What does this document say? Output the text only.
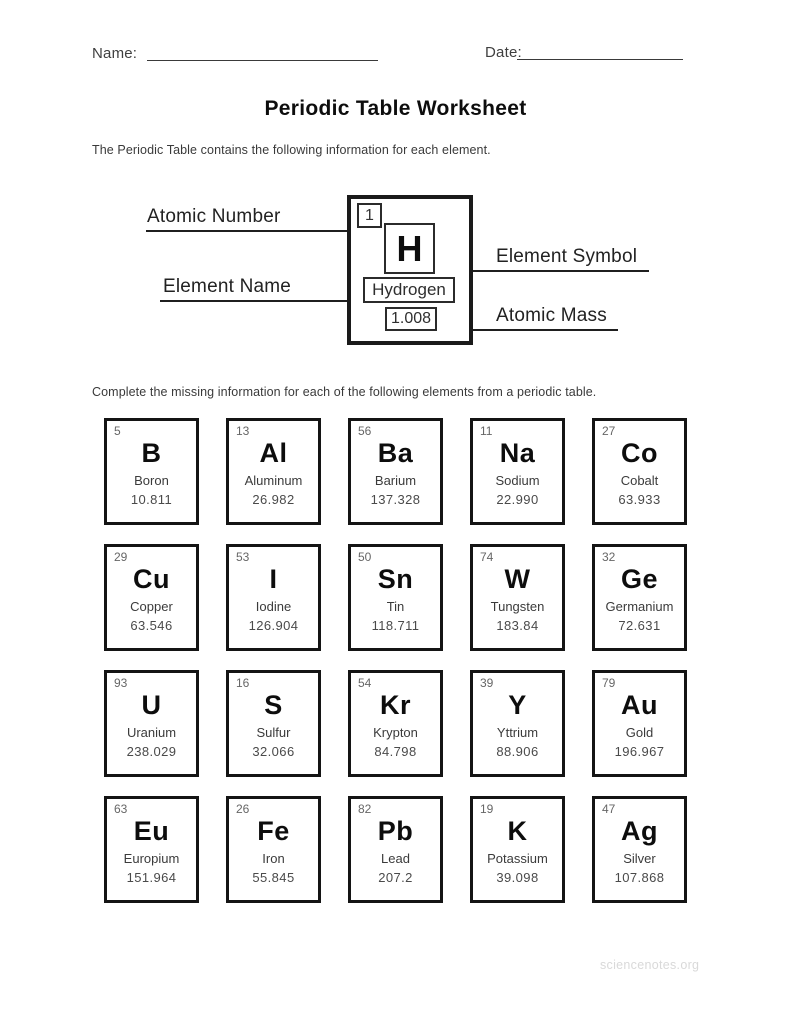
Name:	Date:
Periodic Table Worksheet
The Periodic Table contains the following information for each element.
Atomic Number
Element Name
Element Symbol
Atomic Mass
1
H
Hydrogen
1.008
Complete the missing information for each of the following elements from a periodic table.
5
B
Boron
10.811
13
Al
Aluminum
26.982
56
Ba
Barium
137.328
11
Na
Sodium
22.990
27
Co
Cobalt
63.933
29
Cu
Copper
63.546
53
I
Iodine
126.904
50
Sn
Tin
118.711
74
W
Tungsten
183.84
32
Ge
Germanium
72.631
93
U
Uranium
238.029
16
S
Sulfur
32.066
54
Kr
Krypton
84.798
39
Y
Yttrium
88.906
79
Au
Gold
196.967
63
Eu
Europium
151.964
26
Fe
Iron
55.845
82
Pb
Lead
207.2
19
K
Potassium
39.098
47
Ag
Silver
107.868
sciencenotes.org
